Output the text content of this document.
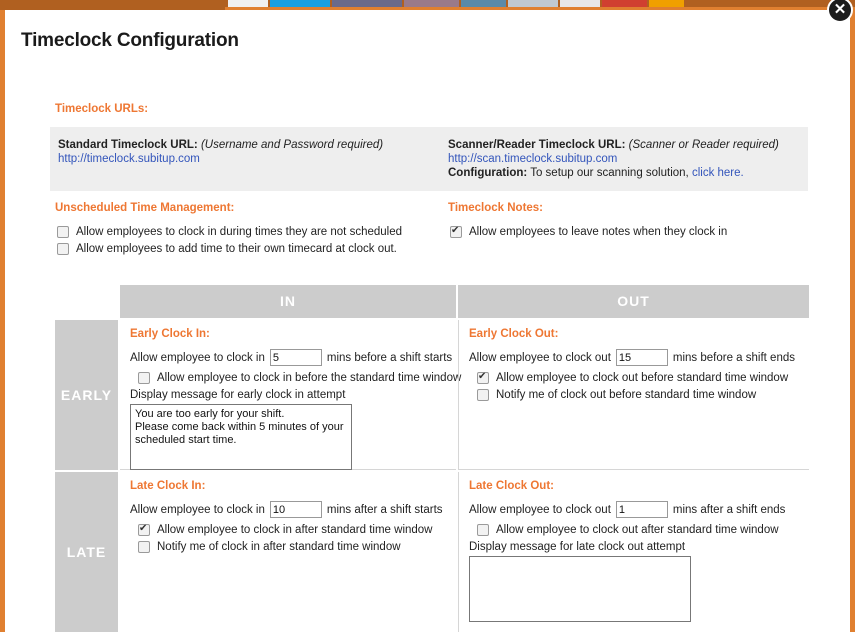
✕
Timeclock Configuration
Timeclock URLs:
Standard Timeclock URL: (Username and Password required)
http://timeclock.subitup.com
Scanner/Reader Timeclock URL: (Scanner or Reader required)
http://scan.timeclock.subitup.com
Configuration: To setup our scanning solution, click here.
Unscheduled Time Management:
Allow employees to clock in during times they are not scheduled
Allow employees to add time to their own timecard at clock out.
Timeclock Notes:
✔
Allow employees to leave notes when they clock in
IN	OUT
EARLY
LATE
Early Clock In:
Allow employee to clock in
5	mins before a shift starts
Allow employee to clock in before the standard time window
Display message for early clock in attempt
You are too early for your shift. Please come back within 5 minutes of your scheduled start time.
Early Clock Out:
Allow employee to clock out
15	mins before a shift ends
✔
Allow employee to clock out before standard time window
Notify me of clock out before standard time window
Late Clock In:
Allow employee to clock in
10	mins after a shift starts
✔
Allow employee to clock in after standard time window
Notify me of clock in after standard time window
Late Clock Out:
Allow employee to clock out
1	mins after a shift ends
Allow employee to clock out after standard time window
Display message for late clock out attempt
